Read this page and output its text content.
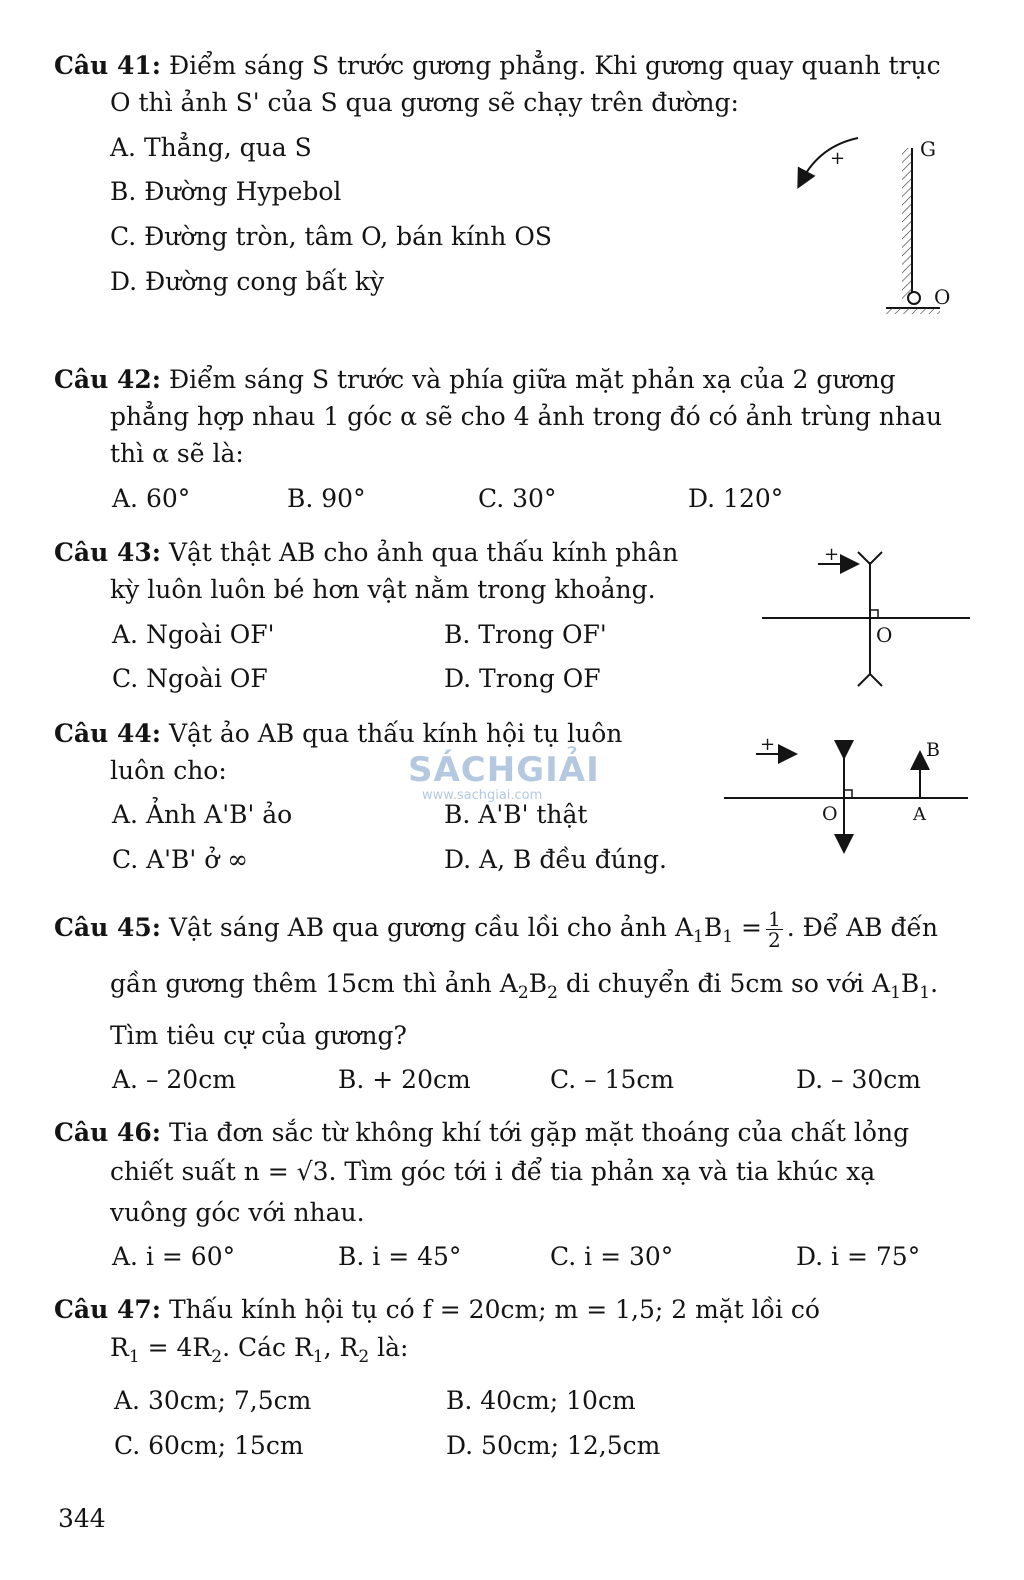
Câu 41: Điểm sáng S trước gương phẳng. Khi gương quay quanh trục
O thì ảnh S' của S qua gương sẽ chạy trên đường:
A. Thẳng, qua S
B. Đường Hypebol
C. Đường tròn, tâm O, bán kính OS
D. Đường cong bất kỳ
+	G
O
Câu 42: Điểm sáng S trước và phía giữa mặt phản xạ của 2 gương
phẳng hợp nhau 1 góc α sẽ cho 4 ảnh trong đó có ảnh trùng nhau
thì α sẽ là:
A. 60°	B. 90°	C. 30°	D. 120°
Câu 43: Vật thật AB cho ảnh qua thấu kính phân
kỳ luôn luôn bé hơn vật nằm trong khoảng.
A. Ngoài OF'	B. Trong OF'
C. Ngoài OF	D. Trong OF
+
O
Câu 44: Vật ảo AB qua thấu kính hội tụ luôn
luôn cho:
A. Ảnh A'B' ảo	B. A'B' thật
C. A'B' ở ∞	D. A, B đều đúng.
+
O
B
A
SÁCHGIẢI
www.sachgiai.com
Câu 45: Vật sáng AB qua gương cầu lồi cho ảnh $A_1B_1 = \frac{1}{2}$ . Để AB đến
gần gương thêm 15cm thì ảnh $A_2B_2$ di chuyển đi 5cm so với $A_1B_1$.
Tìm tiêu cự của gương?
A. – 20cm	B. + 20cm	C. – 15cm	D. – 30cm
Câu 46: Tia đơn sắc từ không khí tới gặp mặt thoáng của chất lỏng
chiết suất n = √3. Tìm góc tới i để tia phản xạ và tia khúc xạ
vuông góc với nhau.
A. i = 60°	B. i = 45°	C. i = 30°	D. i = 75°
Câu 47: Thấu kính hội tụ có f = 20cm; m = 1,5; 2 mặt lồi có
$R_1 = 4R_2$. Các $R_1$, $R_2$ là:
A. 30cm; 7,5cm	B. 40cm; 10cm
C. 60cm; 15cm	D. 50cm; 12,5cm
344
